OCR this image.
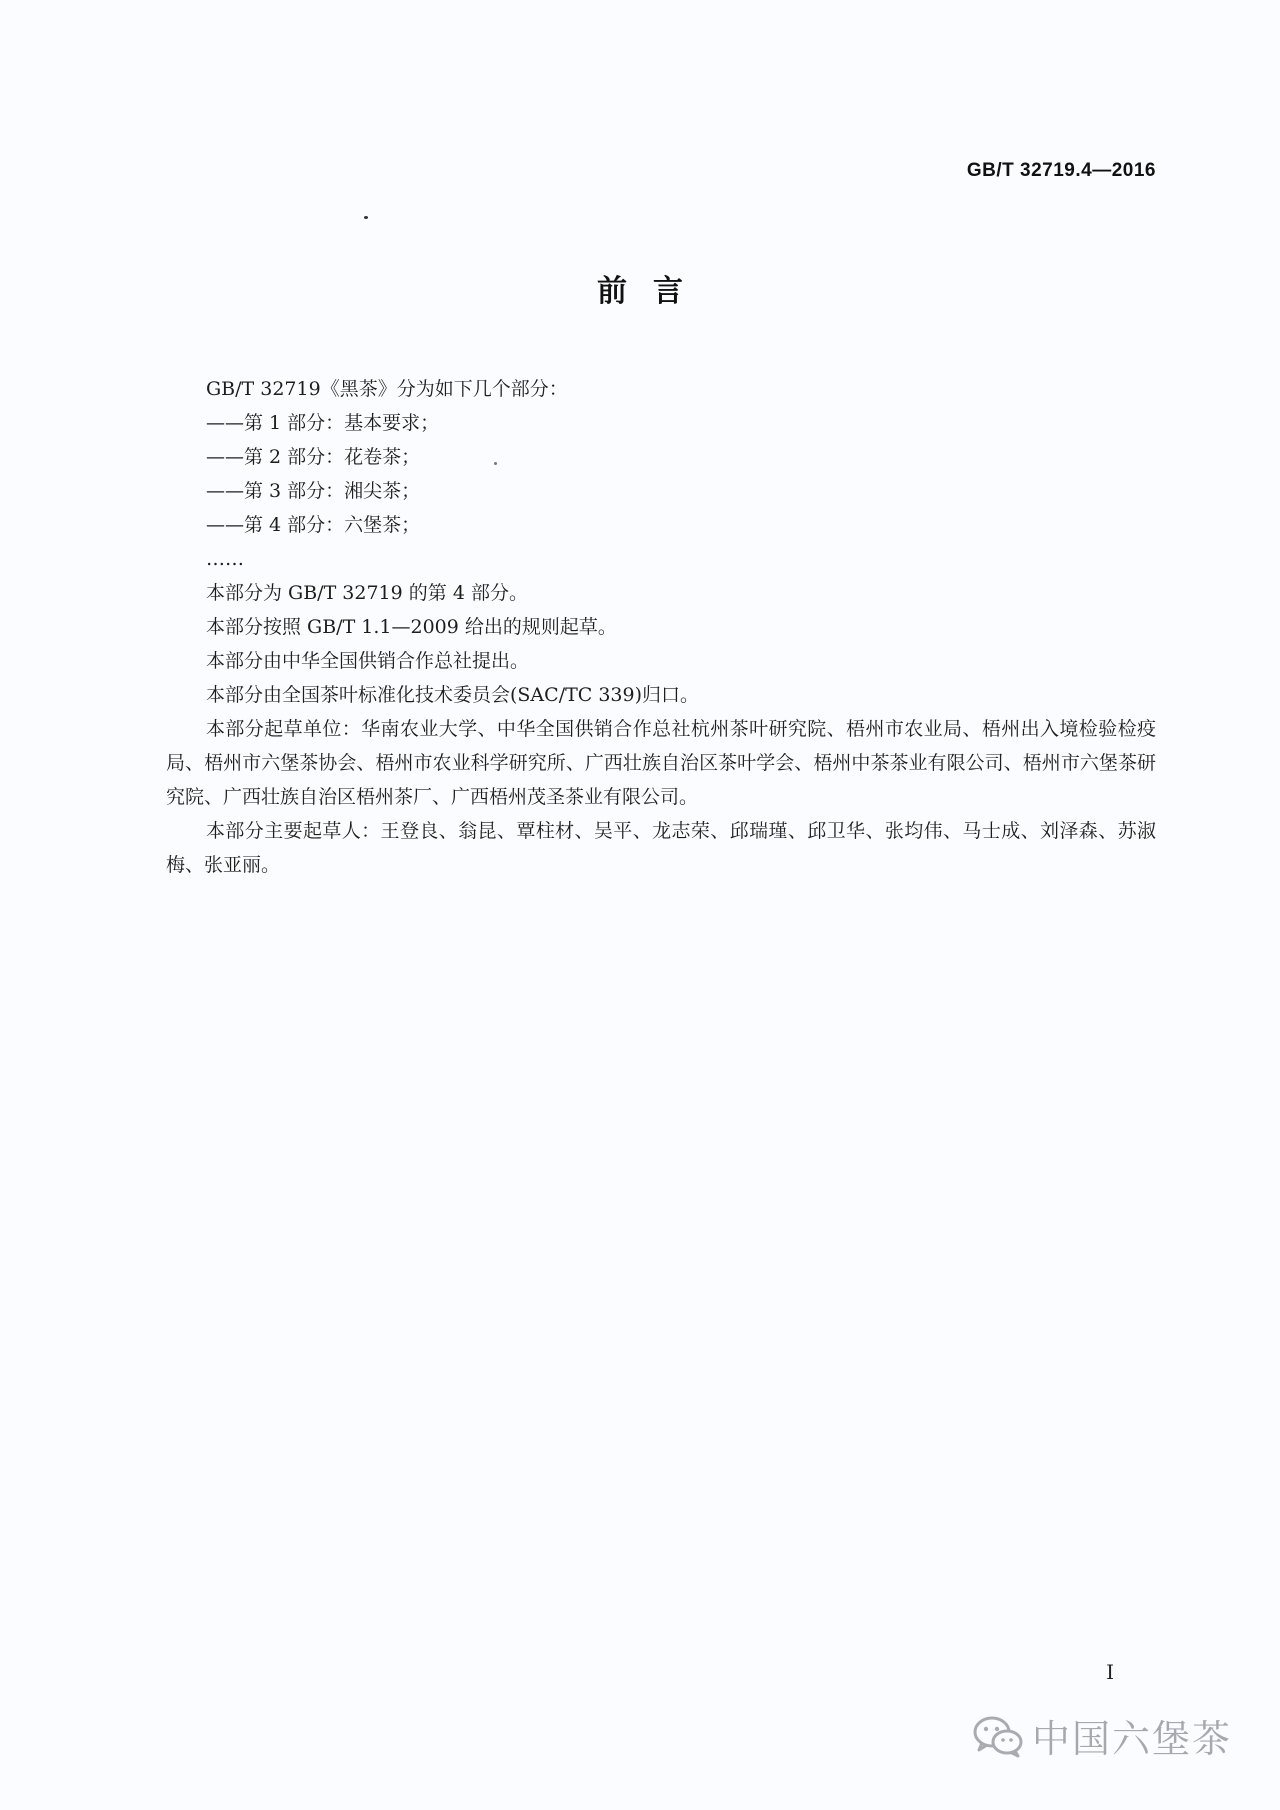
GB/T 32719.4—2016
前言

GB/T 32719《黑茶》分为如下几个部分：

——第 1 部分：基本要求；

——第 2 部分：花卷茶；

——第 3 部分：湘尖茶；

——第 4 部分：六堡茶；

……

本部分为 GB/T 32719 的第 4 部分。

本部分按照 GB/T 1.1—2009 给出的规则起草。

本部分由中华全国供销合作总社提出。

本部分由全国茶叶标准化技术委员会(SAC/TC 339)归口。

本部分起草单位：华南农业大学、中华全国供销合作总社杭州茶叶研究院、梧州市农业局、梧州出入境检验检疫局、梧州市六堡茶协会、梧州市农业科学研究所、广西壮族自治区茶叶学会、梧州中茶茶业有限公司、梧州市六堡茶研究院、广西壮族自治区梧州茶厂、广西梧州茂圣茶业有限公司。

本部分主要起草人：王登良、翁昆、覃柱材、吴平、龙志荣、邱瑞瑾、邱卫华、张均伟、马士成、刘泽森、苏淑梅、张亚丽。

I
中国六堡茶
